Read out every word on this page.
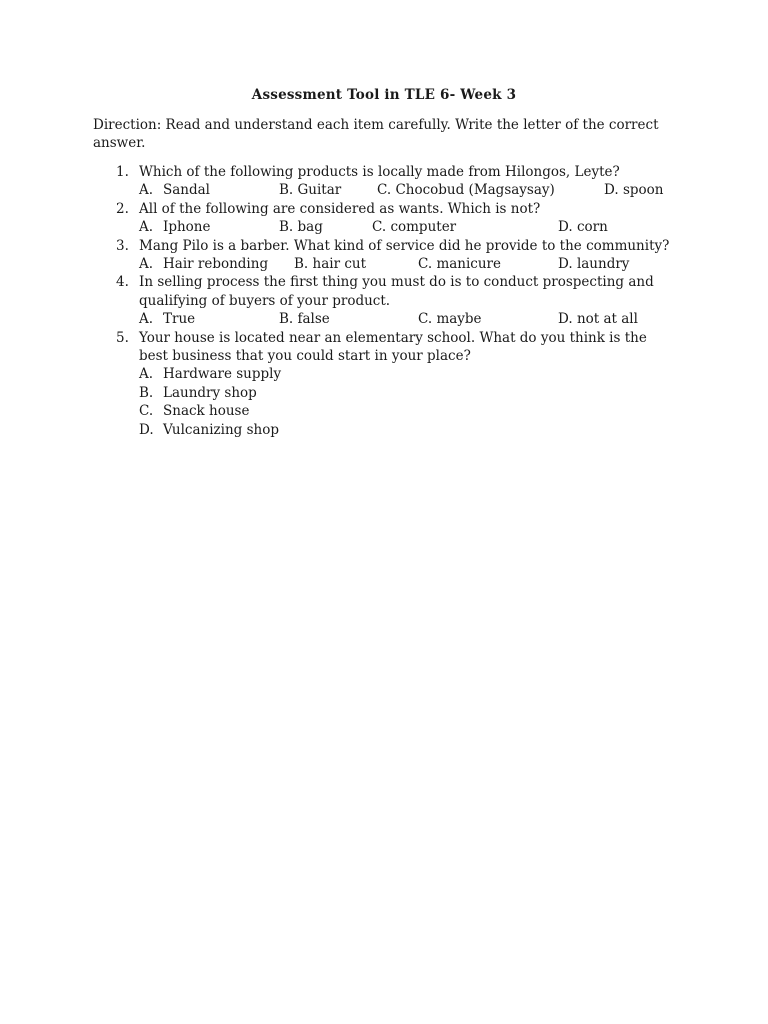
Assessment Tool in TLE 6- Week 3
Direction: Read and understand each item carefully. Write the letter of the correct answer.
1. Which of the following products is locally made from Hilongos, Leyte?
A. Sandal	B. Guitar	C. Chocobud (Magsaysay)	D. spoon
2. All of the following are considered as wants. Which is not?
A. Iphone	B. bag	C. computer	D. corn
3. Mang Pilo is a barber. What kind of service did he provide to the community?
A. Hair rebonding B. hair cut	C. manicure	D. laundry
4. In selling process the first thing you must do is to conduct prospecting and qualifying of buyers of your product.
A. True	B. false	C. maybe	D. not at all
5. Your house is located near an elementary school. What do you think is the best business that you could start in your place?
A. Hardware supply
B. Laundry shop
C. Snack house
D. Vulcanizing shop
